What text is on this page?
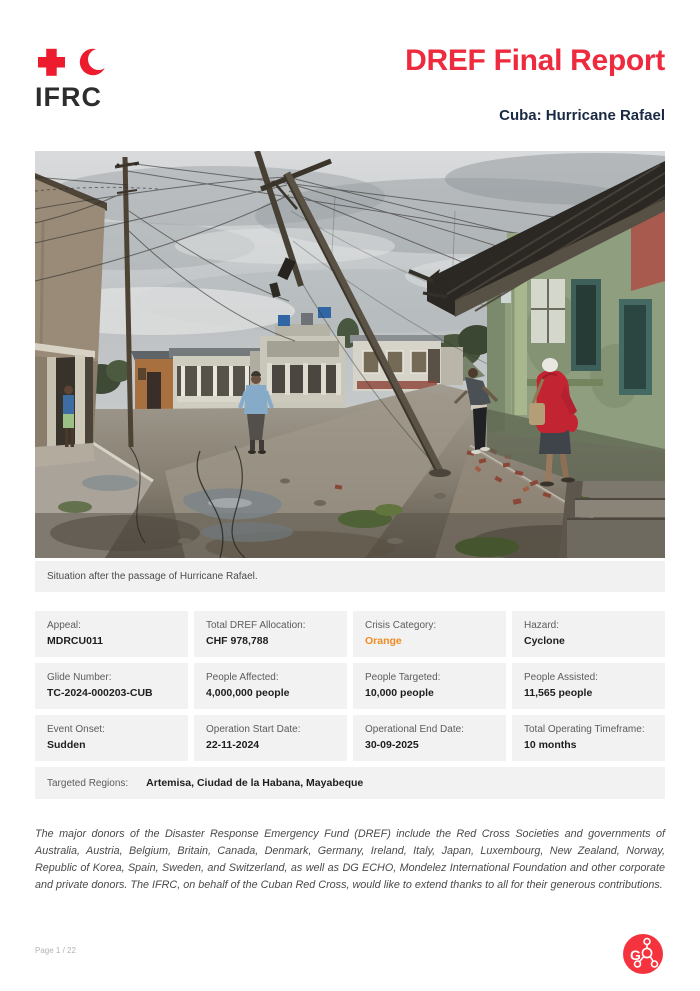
IFRC
DREF Final Report
Cuba: Hurricane Rafael
Situation after the passage of Hurricane Rafael.
Appeal:
MDRCU011
Total DREF Allocation:
CHF 978,788
Crisis Category:
Orange
Hazard:
Cyclone
Glide Number:
TC-2024-000203-CUB
People Affected:
4,000,000 people
People Targeted:
10,000 people
People Assisted:
11,565 people
Event Onset:
Sudden
Operation Start Date:
22-11-2024
Operational End Date:
30-09-2025
Total Operating Timeframe:
10 months
Targeted Regions: Artemisa, Ciudad de la Habana, Mayabeque

The major donors of the Disaster Response Emergency Fund (DREF) include the Red Cross Societies and governments of Australia, Austria, Belgium, Britain, Canada, Denmark, Germany, Ireland, Italy, Japan, Luxembourg, New Zealand, Norway, Republic of Korea, Spain, Sweden, and Switzerland, as well as DG ECHO, Mondelez International Foundation and other corporate and private donors. The IFRC, on behalf of the Cuban Red Cross, would like to extend thanks to all for their generous contributions.

Page 1 / 22	G
